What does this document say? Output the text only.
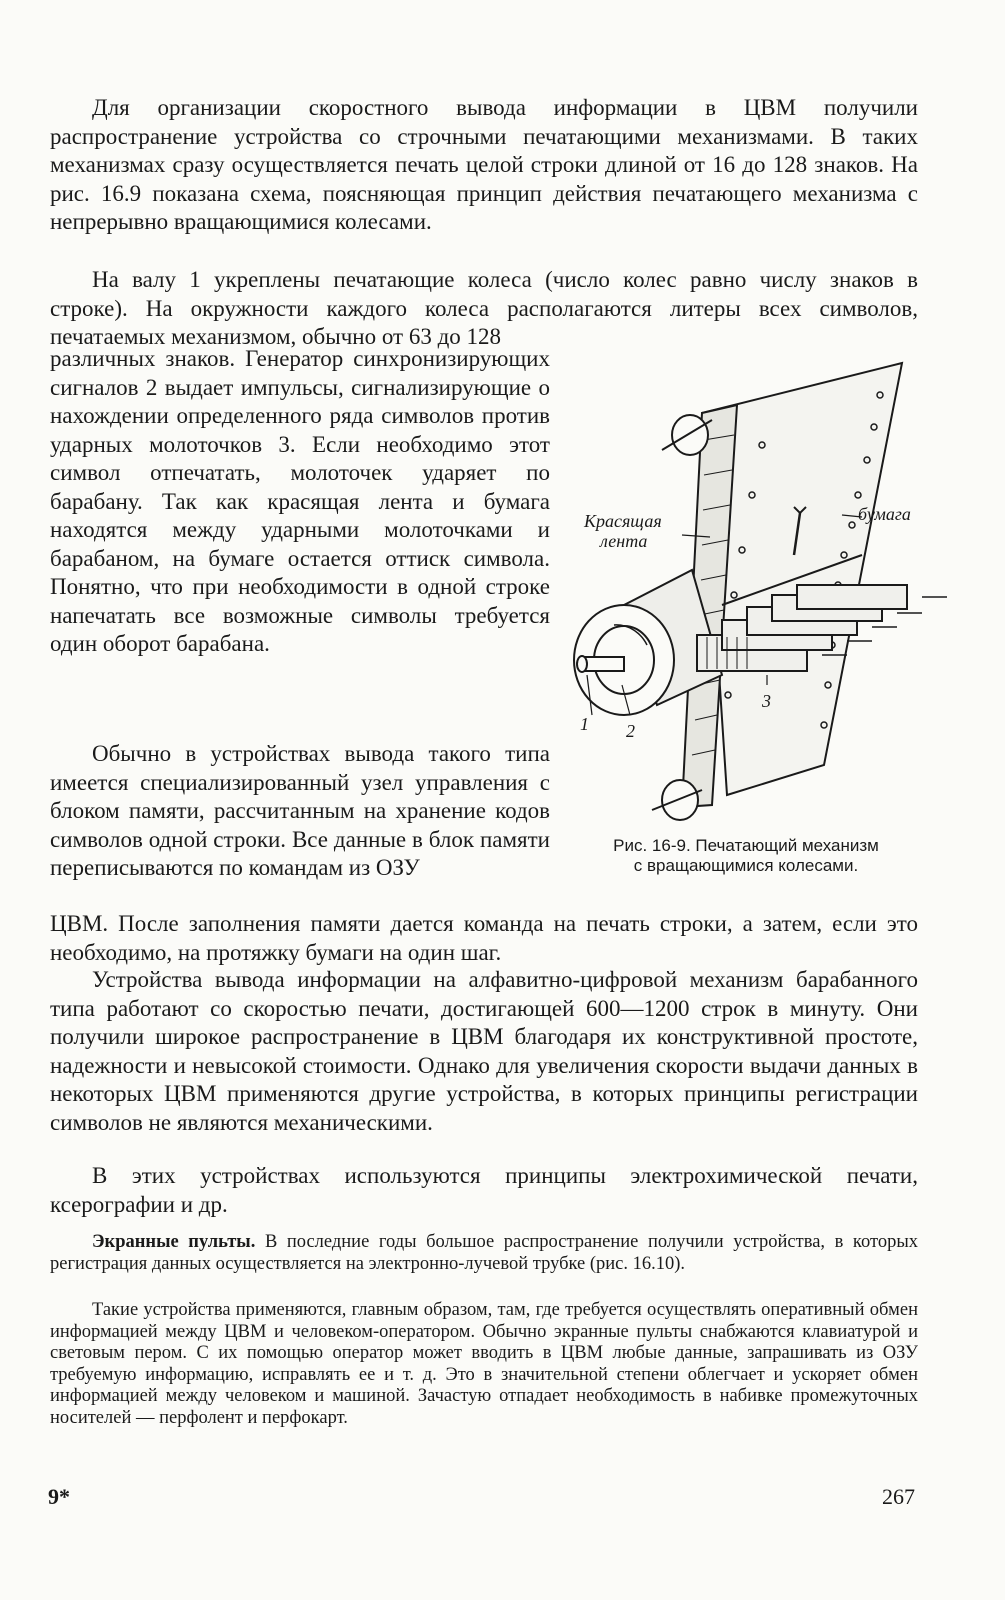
Для организации скоростного вывода информации в ЦВМ получили распространение устройства со строчными печатающими механизмами. В таких механизмах сразу осуществляется печать целой строки длиной от 16 до 128 знаков. На рис. 16.9 показана схема, поясняющая принцип действия печатающего механизма с непрерывно вращающимися колесами.

На валу 1 укреплены печатающие колеса (число колес равно числу знаков в строке). На окружности каждого колеса располагаются литеры всех символов, печатаемых механизмом, обычно от 63 до 128

различных знаков. Генератор синхронизирующих сигналов 2 выдает импульсы, сигнализирующие о нахождении определенного ряда символов против ударных молоточков 3. Если необходимо этот символ отпечатать, молоточек ударяет по барабану. Так как красящая лента и бумага находятся между ударными молоточками и барабаном, на бумаге остается оттиск символа. Понятно, что при необходимости в одной строке напечатать все возможные символы требуется один оборот барабана.

Обычно в устройствах вывода такого типа имеется специализированный узел управления с блоком памяти, рассчитанным на хранение кодов символов одной строки. Все данные в блок памяти переписываются по командам из ОЗУ

ЦВМ. После заполнения памяти дается команда на печать строки, а затем, если это необходимо, на протяжку бумаги на один шаг.

Устройства вывода информации на алфавитно-цифровой механизм барабанного типа работают со скоростью печати, достигающей 600—1200 строк в минуту. Они получили широкое распространение в ЦВМ благодаря их конструктивной простоте, надежности и невысокой стоимости. Однако для увеличения скорости выдачи данных в некоторых ЦВМ применяются другие устройства, в которых принципы регистрации символов не являются механическими.

В этих устройствах используются принципы электрохимической печати, ксерографии и др.

Экранные пульты. В последние годы большое распространение получили устройства, в которых регистрация данных осуществляется на электронно-лучевой трубке (рис. 16.10).

Такие устройства применяются, главным образом, там, где требуется осуществлять оперативный обмен информацией между ЦВМ и человеком-оператором. Обычно экранные пульты снабжаются клавиатурой и световым пером. С их помощью оператор может вводить в ЦВМ любые данные, запрашивать из ОЗУ требуемую информацию, исправлять ее и т. д. Это в значительной степени облегчает и ускоряет обмен информацией между человеком и машиной. Зачастую отпадает необходимость в набивке промежуточных носителей — перфолент и перфокарт.

Красящая
лента
бумага
1 2
3
Рис. 16-9. Печатающий механизм
с вращающимися колесами.
9*	267
